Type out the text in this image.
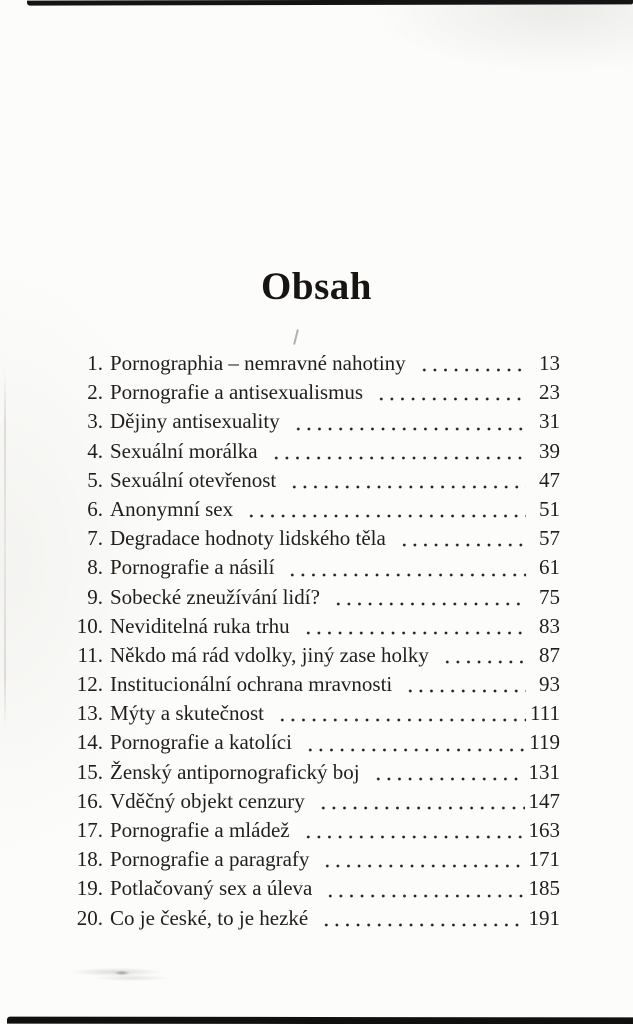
Obsah
1. Pornographia – nemravné nahotiny	13
2. Pornografie a antisexualismus	23
3. Dějiny antisexuality	31
4. Sexuální morálka	39
5. Sexuální otevřenost	47
6. Anonymní sex	51
7. Degradace hodnoty lidského těla	57
8. Pornografie a násilí	61
9. Sobecké zneužívání lidí?	75
10. Neviditelná ruka trhu	83
11. Někdo má rád vdolky, jiný zase holky	87
12. Institucionální ochrana mravnosti	93
13. Mýty a skutečnost	111
14. Pornografie a katolíci	119
15. Ženský antipornografický boj	131
16. Vděčný objekt cenzury	147
17. Pornografie a mládež	163
18. Pornografie a paragrafy	171
19. Potlačovaný sex a úleva	185
20. Co je české, to je hezké	191
